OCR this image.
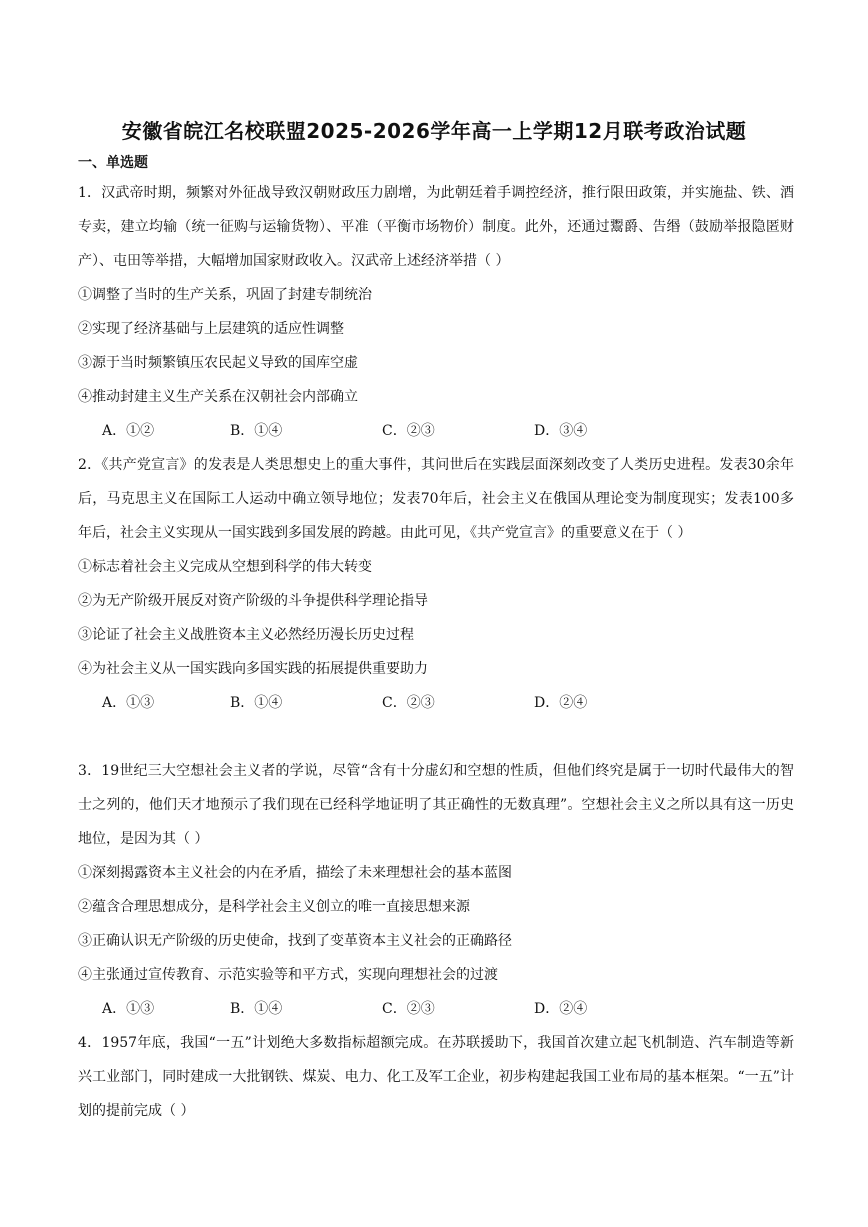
安徽省皖江名校联盟2025-2026学年高一上学期12月联考政治试题
一、单选题

1．汉武帝时期，频繁对外征战导致汉朝财政压力剧增，为此朝廷着手调控经济，推行限田政策，并实施盐、铁、酒专卖，建立均输（统一征购与运输货物）、平准（平衡市场物价）制度。此外，还通过鬻爵、告缗（鼓励举报隐匿财产）、屯田等举措，大幅增加国家财政收入。汉武帝上述经济举措（ ）

①调整了当时的生产关系，巩固了封建专制统治
②实现了经济基础与上层建筑的适应性调整
③源于当时频繁镇压农民起义导致的国库空虚
④推动封建主义生产关系在汉朝社会内部确立
A．①②	B．①④	C．②③	D．③④

2．《共产党宣言》的发表是人类思想史上的重大事件，其问世后在实践层面深刻改变了人类历史进程。发表30余年后，马克思主义在国际工人运动中确立领导地位；发表70年后，社会主义在俄国从理论变为制度现实；发表100多年后，社会主义实现从一国实践到多国发展的跨越。由此可见，《共产党宣言》的重要意义在于（ ）

①标志着社会主义完成从空想到科学的伟大转变
②为无产阶级开展反对资产阶级的斗争提供科学理论指导
③论证了社会主义战胜资本主义必然经历漫长历史过程
④为社会主义从一国实践向多国实践的拓展提供重要助力
A．①③	B．①④	C．②③	D．②④

3．19世纪三大空想社会主义者的学说，尽管“含有十分虚幻和空想的性质，但他们终究是属于一切时代最伟大的智士之列的，他们天才地预示了我们现在已经科学地证明了其正确性的无数真理”。空想社会主义之所以具有这一历史地位，是因为其（ ）

①深刻揭露资本主义社会的内在矛盾，描绘了未来理想社会的基本蓝图
②蕴含合理思想成分，是科学社会主义创立的唯一直接思想来源
③正确认识无产阶级的历史使命，找到了变革资本主义社会的正确路径
④主张通过宣传教育、示范实验等和平方式，实现向理想社会的过渡
A．①③	B．①④	C．②③	D．②④

4．1957年底，我国“一五”计划绝大多数指标超额完成。在苏联援助下，我国首次建立起飞机制造、汽车制造等新兴工业部门，同时建成一大批钢铁、煤炭、电力、化工及军工企业，初步构建起我国工业布局的基本框架。“一五”计划的提前完成（ ）
